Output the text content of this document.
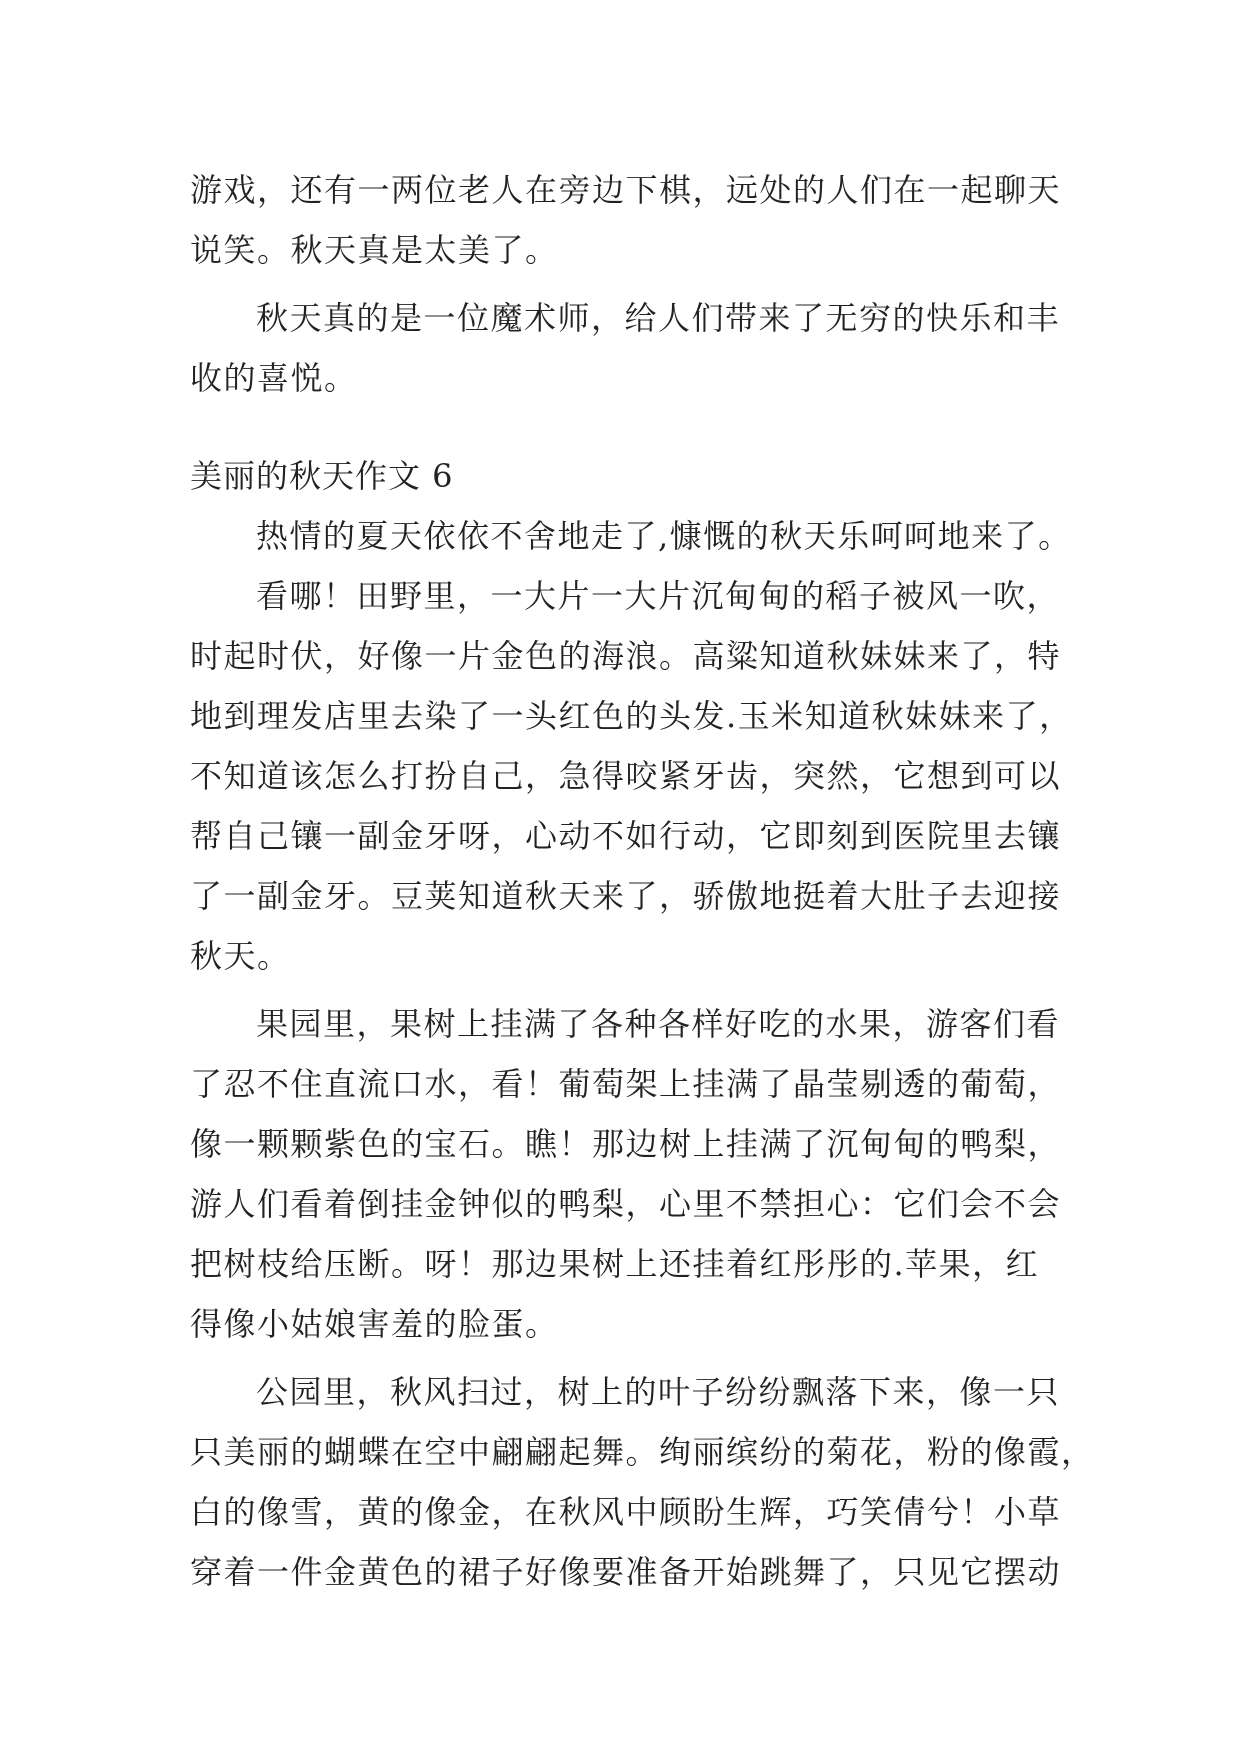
游戏，还有一两位老人在旁边下棋，远处的人们在一起聊天
说笑。秋天真是太美了。
秋天真的是一位魔术师，给人们带来了无穷的快乐和丰
收的喜悦。
美丽的秋天作文 6
热情的夏天依依不舍地走了,慷慨的秋天乐呵呵地来了。
看哪！田野里，一大片一大片沉甸甸的稻子被风一吹，
时起时伏，好像一片金色的海浪。高粱知道秋妹妹来了，特
地到理发店里去染了一头红色的头发.玉米知道秋妹妹来了，
不知道该怎么打扮自己，急得咬紧牙齿，突然，它想到可以
帮自己镶一副金牙呀，心动不如行动，它即刻到医院里去镶
了一副金牙。豆荚知道秋天来了，骄傲地挺着大肚子去迎接
秋天。
果园里，果树上挂满了各种各样好吃的水果，游客们看
了忍不住直流口水，看！葡萄架上挂满了晶莹剔透的葡萄，
像一颗颗紫色的宝石。瞧！那边树上挂满了沉甸甸的鸭梨，
游人们看着倒挂金钟似的鸭梨，心里不禁担心：它们会不会
把树枝给压断。呀！那边果树上还挂着红彤彤的.苹果，红
得像小姑娘害羞的脸蛋。
公园里，秋风扫过，树上的叶子纷纷飘落下来，像一只
只美丽的蝴蝶在空中翩翩起舞。绚丽缤纷的菊花，粉的像霞，
白的像雪，黄的像金，在秋风中顾盼生辉，巧笑倩兮！小草
穿着一件金黄色的裙子好像要准备开始跳舞了，只见它摆动
